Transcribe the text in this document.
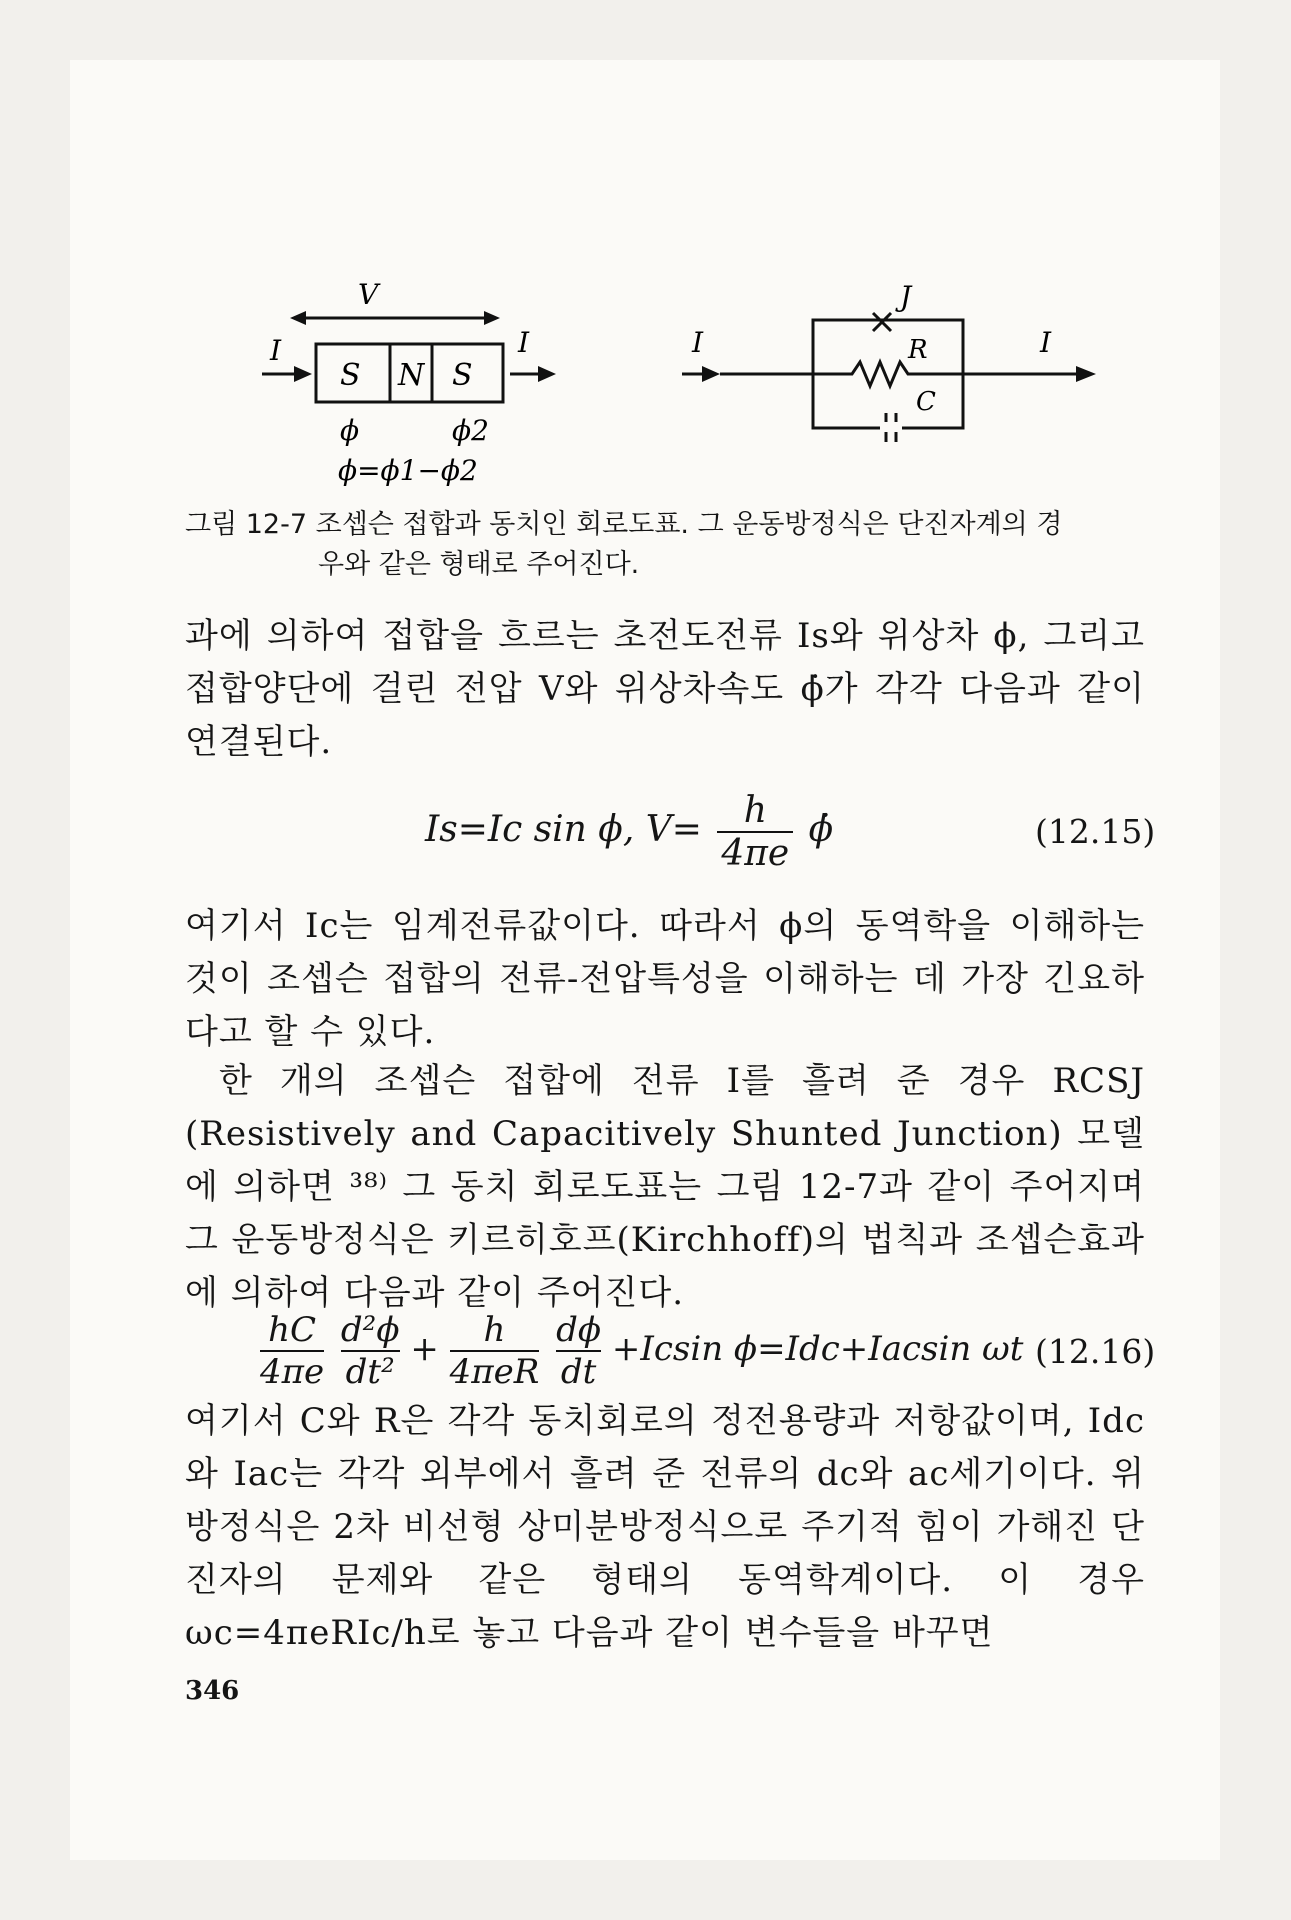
V
I
S N S
I
ϕ	ϕ2
ϕ=ϕ1−ϕ2
I
J
R
C
I
그림 12-7 조셉슨 접합과 동치인 회로도표. 그 운동방정식은 단진자계의 경
우와 같은 형태로 주어진다.

과에 의하여 접합을 흐르는 초전도전류 Is와 위상차 ϕ, 그리고 접합양단에 걸린 전압 V와 위상차속도 ϕ̇가 각각 다음과 같이 연결된다.

Is=Ic sin ϕ, $V= \frac{h}{4\pi e}$ ϕ̇	(12.15)

여기서 Ic는 임계전류값이다. 따라서 ϕ의 동역학을 이해하는 것이 조셉슨 접합의 전류-전압특성을 이해하는 데 가장 긴요하다고 할 수 있다.

한 개의 조셉슨 접합에 전류 I를 흘려 준 경우 RCSJ (Resistively and Capacitively Shunted Junction) 모델에 의하면 ³⁸⁾ 그 동치 회로도표는 그림 12-7과 같이 주어지며 그 운동방정식은 키르히호프(Kirchhoff)의 법칙과 조셉슨효과에 의하여 다음과 같이 주어진다.

$\frac{hC}{4\pi e}$
$\frac{\text{d²ϕ}}{\text{dt²}}$ +	h
4πeR
$\frac{d\phi}{dt} +Icsin$ ϕ=Idc+Iacsin ωt (12.16)

여기서 C와 R은 각각 동치회로의 정전용량과 저항값이며, Idc와 Iac는 각각 외부에서 흘려 준 전류의 dc와 ac세기이다. 위 방정식은 2차 비선형 상미분방정식으로 주기적 힘이 가해진 단진자의 문제와 같은 형태의 동역학계이다. 이 경우 ωc=4πeRIc/h로 놓고 다음과 같이 변수들을 바꾸면

346
